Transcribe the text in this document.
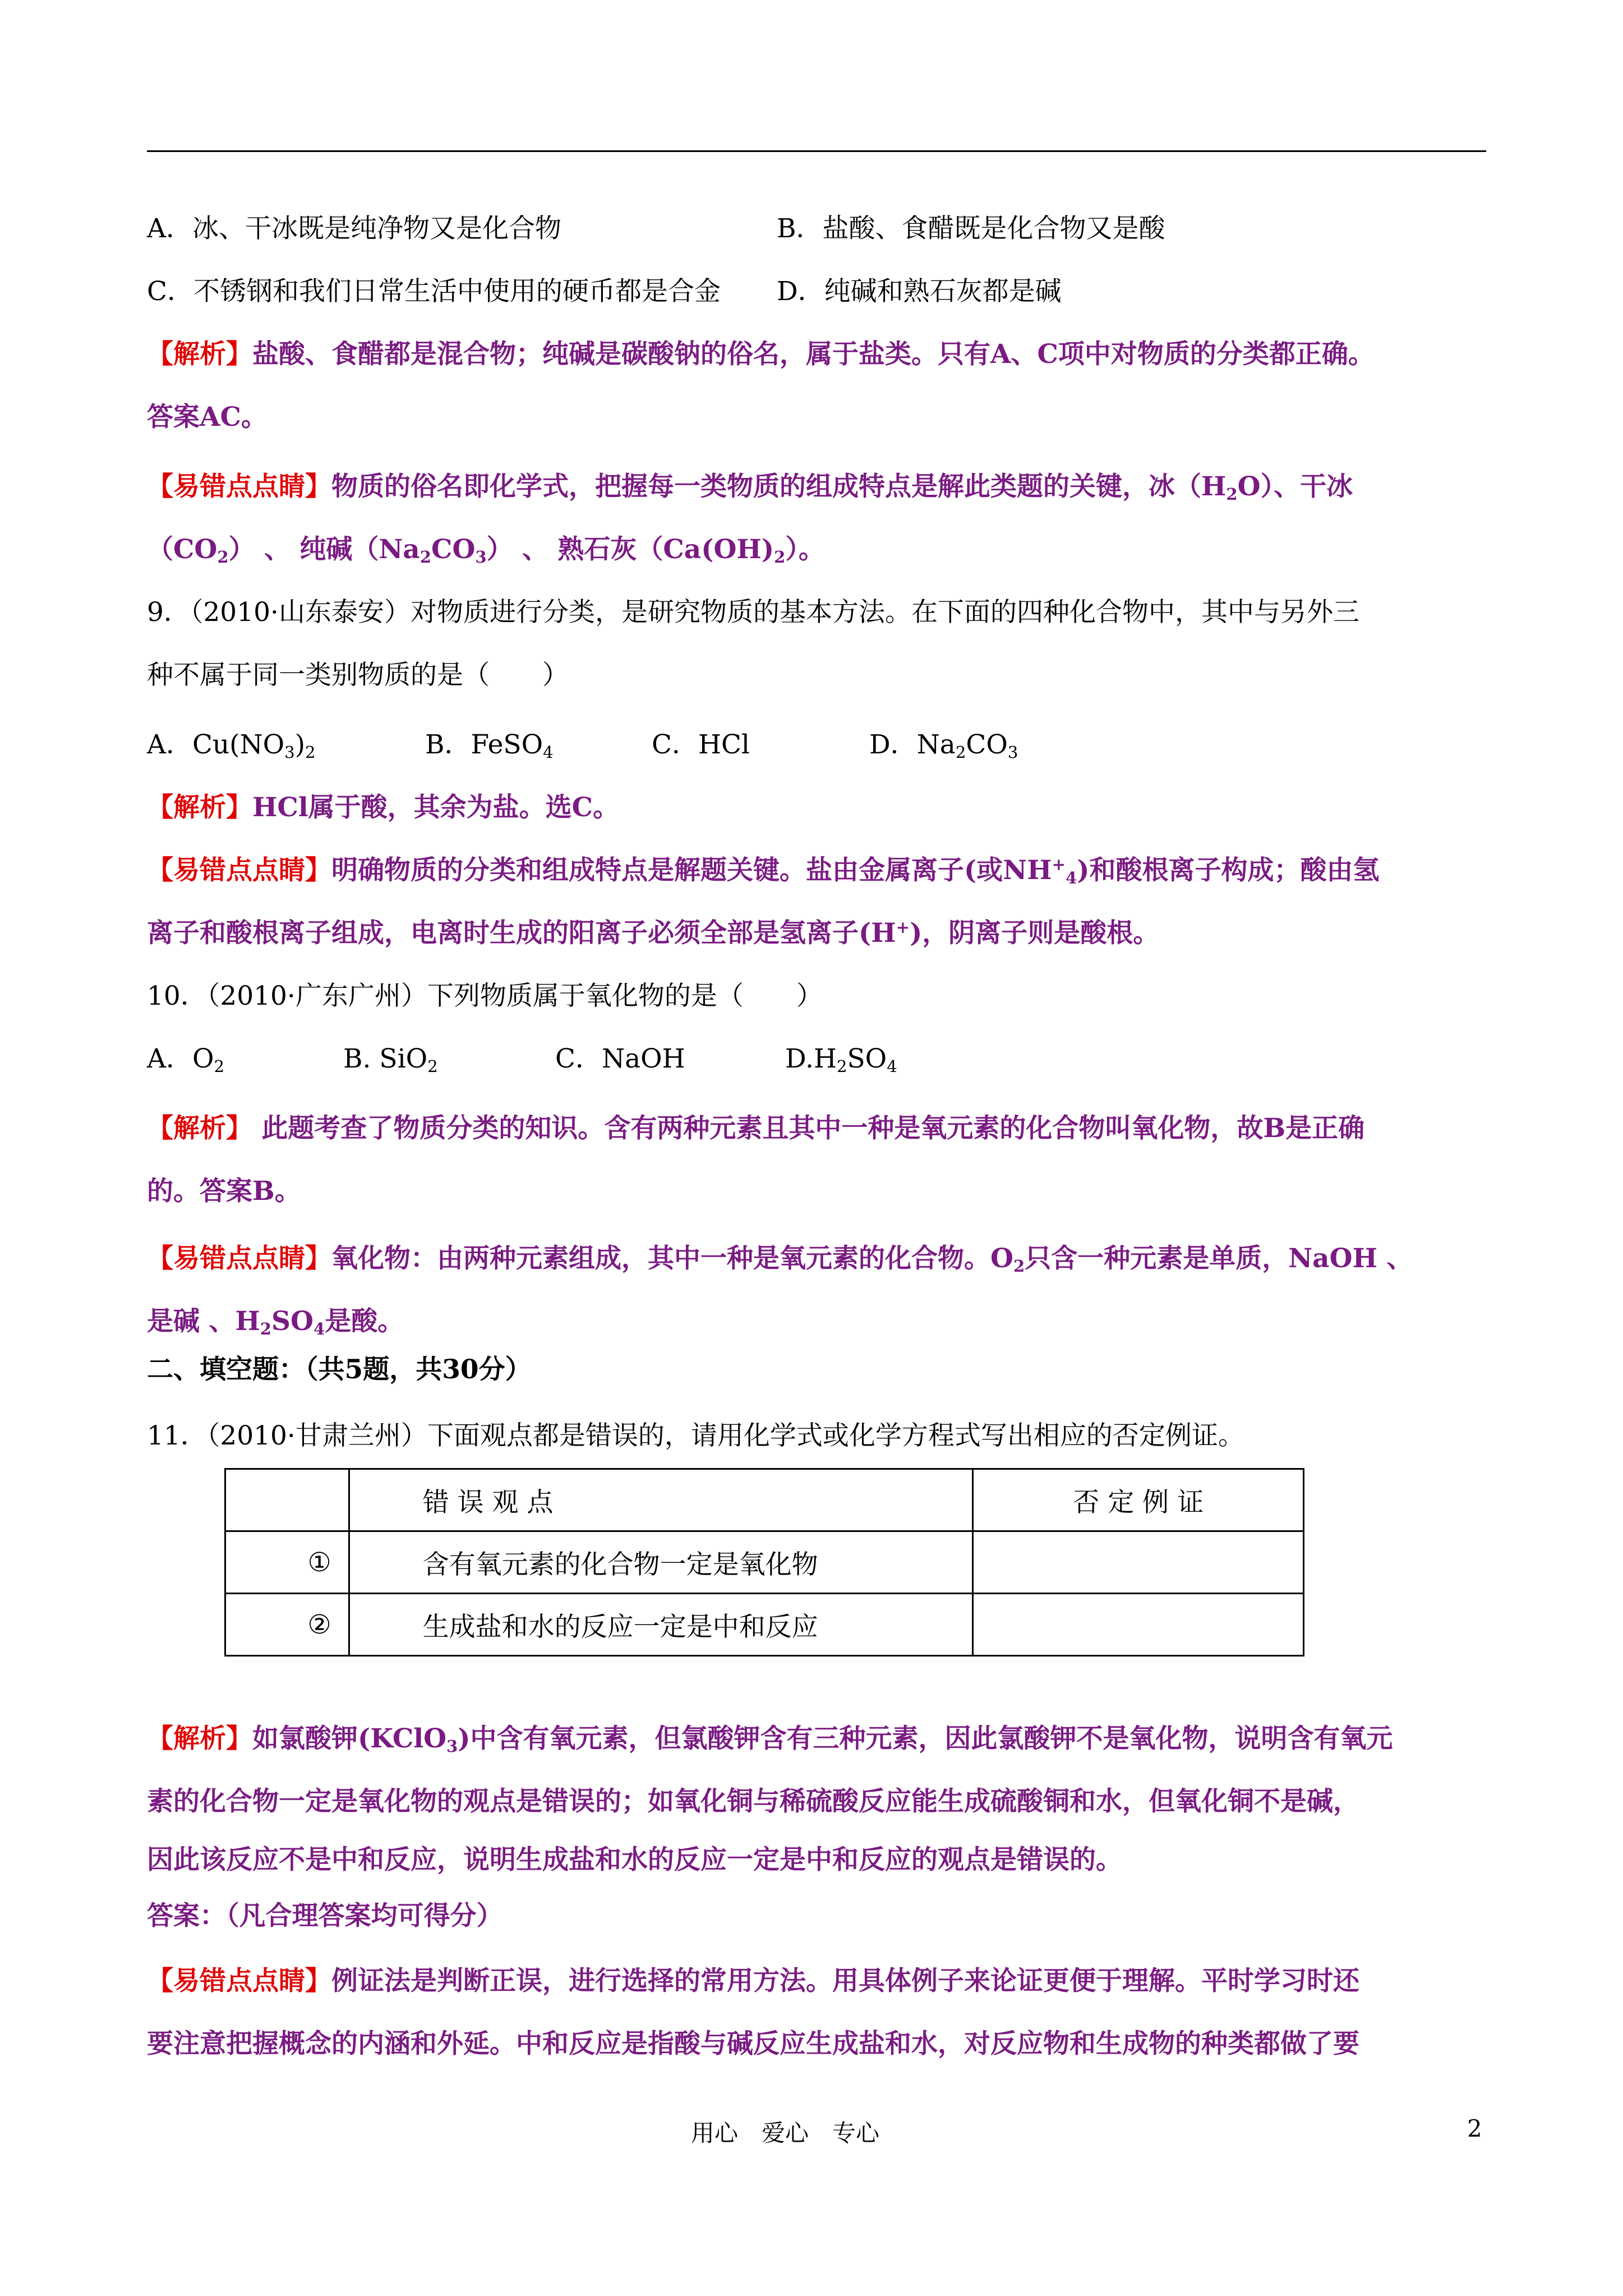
A．冰、干冰既是纯净物又是化合物	B．盐酸、食醋既是化合物又是酸
C．不锈钢和我们日常生活中使用的硬币都是合金 D．纯碱和熟石灰都是碱
【解析】盐酸、食醋都是混合物；纯碱是碳酸钠的俗名，属于盐类。只有A、C项中对物质的分类都正确。
答案AC。
【易错点点睛】物质的俗名即化学式，把握每一类物质的组成特点是解此类题的关键，冰$(H_2O)$、干冰
$(CO_2)$ 、 纯碱$(Na_2CO_3)$ 、 熟石灰$(Ca(OH)_2)$。
9．（2010·山东泰安）对物质进行分类，是研究物质的基本方法。在下面的四种化合物中，其中与另外三
种不属于同一类别物质的是（　　）
A．$Cu(NO_3)_2$	B．FeSO$_4$	C．HCl	D．$Na_2CO_3$
【解析】HCl属于酸，其余为盐。选C。
【易错点点睛】明确物质的分类和组成特点是解题关键。盐由金属离子(或$NH^+_4$)和酸根离子构成；酸由氢
离子和酸根离子组成，电离时生成的阳离子必须全部是氢离子(H+)，阴离子则是酸根。
10．（2010·广东广州）下列物质属于氧化物的是（　　）
A．$O_2$	B. SiO$_2$	C．NaOH	$D.H_2SO_4$
【解析】 此题考查了物质分类的知识。含有两种元素且其中一种是氧元素的化合物叫氧化物，故B是正确
的。答案B。
【易错点点睛】氧化物：由两种元素组成，其中一种是氧元素的化合物。$O_2$只含一种元素是单质，NaOH 、
是碱 、$H_2SO_4$是酸。
二、填空题：（共5题，共30分）
11．（2010·甘肃兰州）下面观点都是错误的，请用化学式或化学方程式写出相应的否定例证。
	错 误 观 点	否 定 例 证
①	含有氧元素的化合物一定是氧化物	
②	生成盐和水的反应一定是中和反应	
【解析】如氯酸钾(KClO$_3$)中含有氧元素，但氯酸钾含有三种元素，因此氯酸钾不是氧化物，说明含有氧元
素的化合物一定是氧化物的观点是错误的；如氧化铜与稀硫酸反应能生成硫酸铜和水，但氧化铜不是碱，
因此该反应不是中和反应，说明生成盐和水的反应一定是中和反应的观点是错误的。
答案：（凡合理答案均可得分）
【易错点点睛】例证法是判断正误，进行选择的常用方法。用具体例子来论证更便于理解。平时学习时还
要注意把握概念的内涵和外延。中和反应是指酸与碱反应生成盐和水，对反应物和生成物的种类都做了要
用心　爱心　专心	2
